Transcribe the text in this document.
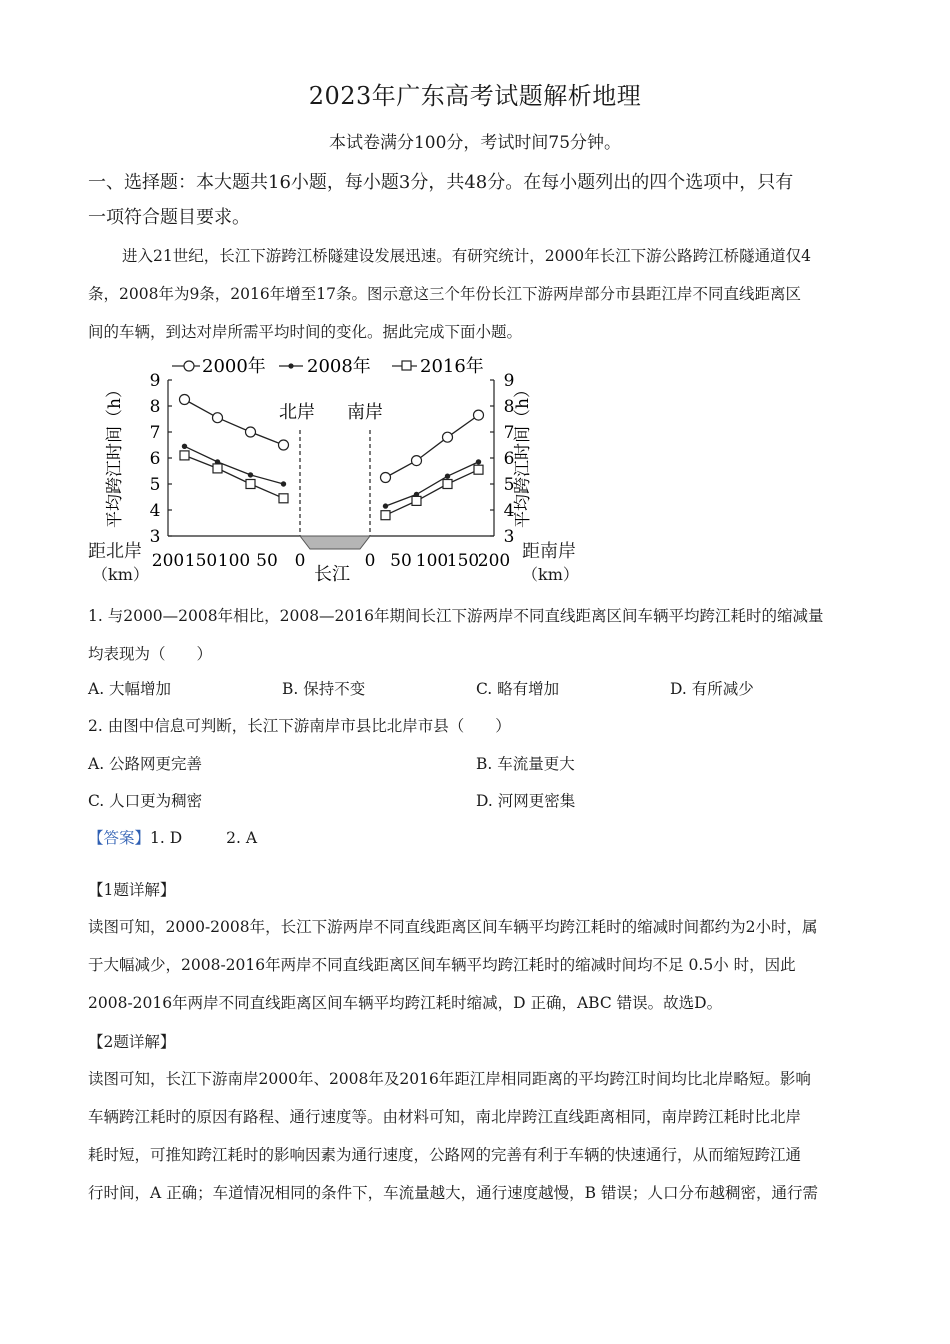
2023年广东高考试题解析地理
本试卷满分100分，考试时间75分钟。
一、选择题：本大题共16小题，每小题3分，共48分。在每小题列出的四个选项中，只有
一项符合题目要求。
进入21世纪，长江下游跨江桥隧建设发展迅速。有研究统计，2000年长江下游公路跨江桥隧通道仅4
条，2008年为9条，2016年增至17条。图示意这三个年份长江下游两岸部分市县距江岸不同直线距离区
间的车辆，到达对岸所需平均时间的变化。据此完成下面小题。
2000年 2008年	2016年
3	3
4	4
5	5
6	6
7	7
8	8
9	9
平均跨江时间（h）	平均跨江时间（h）
北岸 南岸
长江
200 150 100 50 0	0 50 100
150
200
距北岸
（km）
距南岸
（km）
1. 与2000—2008年相比，2008—2016年期间长江下游两岸不同直线距离区间车辆平均跨江耗时的缩减量
均表现为（　　）
A. 大幅增加	B. 保持不变	C. 略有增加	D. 有所减少
2. 由图中信息可判断，长江下游南岸市县比北岸市县（　　）
A. 公路网更完善	B. 车流量更大
C. 人口更为稠密	D. 河网更密集
【答案】1. D	2. A
【1题详解】
读图可知，2000-2008年，长江下游两岸不同直线距离区间车辆平均跨江耗时的缩减时间都约为2小时，属
于大幅减少，2008-2016年两岸不同直线距离区间车辆平均跨江耗时的缩减时间均不足 0.5小 时，因此
2008-2016年两岸不同直线距离区间车辆平均跨江耗时缩减，D 正确，ABC 错误。故选D。
【2题详解】
读图可知，长江下游南岸2000年、2008年及2016年距江岸相同距离的平均跨江时间均比北岸略短。影响
车辆跨江耗时的原因有路程、通行速度等。由材料可知，南北岸跨江直线距离相同，南岸跨江耗时比北岸
耗时短，可推知跨江耗时的影响因素为通行速度，公路网的完善有利于车辆的快速通行，从而缩短跨江通
行时间，A 正确；车道情况相同的条件下，车流量越大，通行速度越慢，B 错误；人口分布越稠密，通行需
